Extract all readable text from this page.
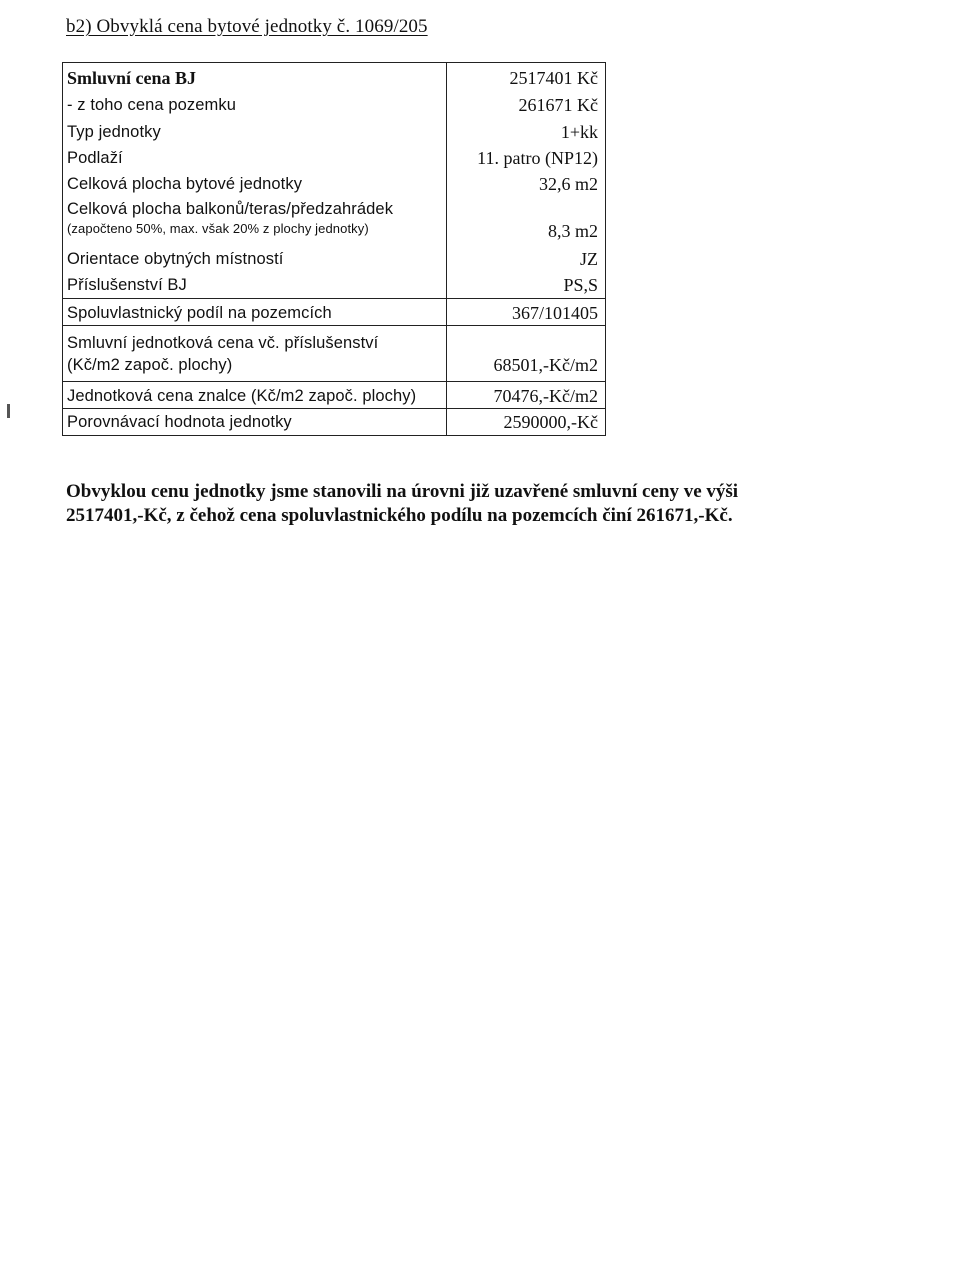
b2) Obvyklá cena bytové jednotky č. 1069/205
Smluvní cena BJ	2517401 Kč
- z toho cena pozemku	261671 Kč
Typ jednotky	1+kk
Podlaží	11. patro (NP12)
Celková plocha bytové jednotky	32,6 m2
Celková plocha balkonů/teras/předzahrádek
(započteno 50%, max. však 20% z plochy jednotky)	8,3 m2
Orientace obytných místností	JZ
Příslušenství BJ	PS,S
Spoluvlastnický podíl na pozemcích	367/101405
Smluvní jednotková cena vč. příslušenství
(Kč/m2 započ. plochy)	68501,-Kč/m2
Jednotková cena znalce (Kč/m2 započ. plochy)	70476,-Kč/m2
Porovnávací hodnota jednotky	2590000,-Kč

Obvyklou cenu jednotky jsme stanovili na úrovni již uzavřené smluvní ceny ve výši

2517401,-Kč, z čehož cena spoluvlastnického podílu na pozemcích činí 261671,-Kč.
